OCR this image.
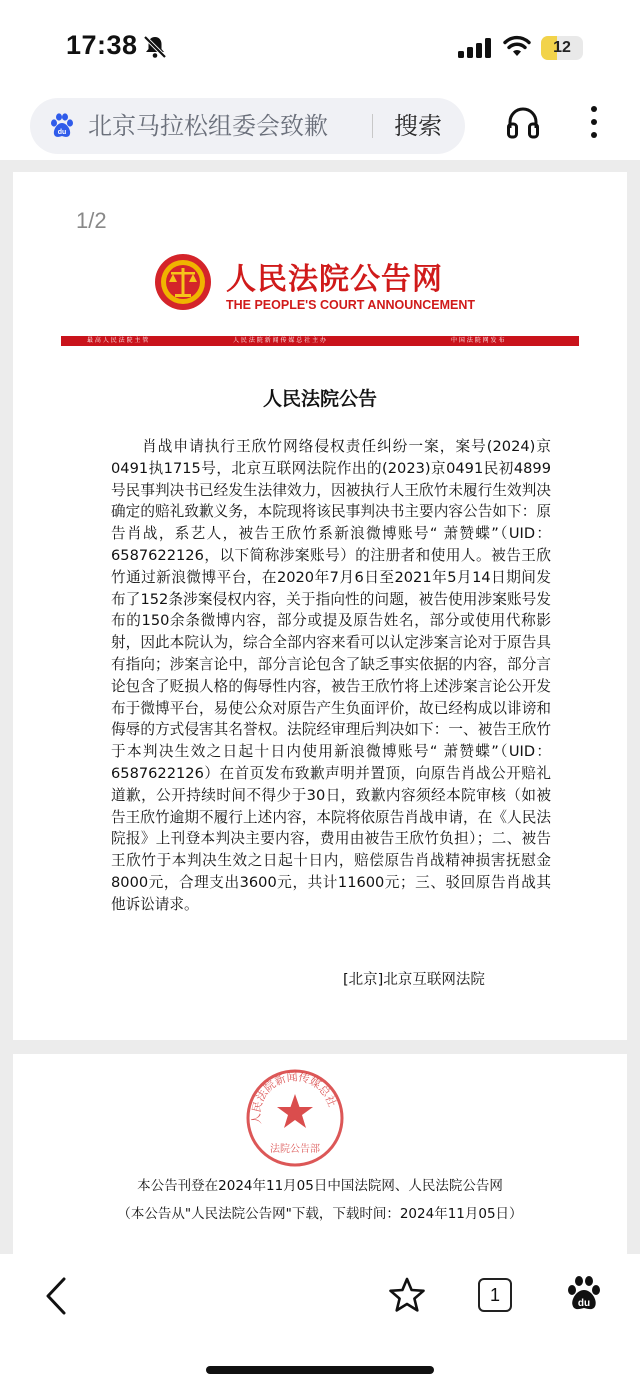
17:38	12
du 北京马拉松组委会致歉	搜索
1/2
人民法院公告网
THE PEOPLE'S COURT ANNOUNCEMENT
最 高 人 民 法 院 主 管	人 民 法 院 新 闻 传 媒 总 社 主 办	中 国 法 院 网 发 布
人民法院公告

肖战申请执行王欣竹网络侵权责任纠纷一案，案号(2024)京0491执1715号，北京互联网法院作出的(2023)京0491民初4899号民事判决书已经发生法律效力，因被执行人王欣竹未履行生效判决确定的赔礼致歉义务，本院现将该民事判决书主要内容公告如下：原告肖战，系艺人，被告王欣竹系新浪微博账号“ 萧赞蝶”（UID：6587622126，以下简称涉案账号）的注册者和使用人。被告王欣竹通过新浪微博平台，在2020年7月6日至2021年5月14日期间发布了152条涉案侵权内容，关于指向性的问题，被告使用涉案账号发布的150余条微博内容，部分或提及原告姓名，部分或使用代称影射，因此本院认为，综合全部内容来看可以认定涉案言论对于原告具有指向；涉案言论中，部分言论包含了缺乏事实依据的内容，部分言论包含了贬损人格的侮辱性内容，被告王欣竹将上述涉案言论公开发布于微博平台，易使公众对原告产生负面评价，故已经构成以诽谤和侮辱的方式侵害其名誉权。法院经审理后判决如下：一、被告王欣竹于本判决生效之日起十日内使用新浪微博账号“ 萧赞蝶”（UID：6587622126）在首页发布致歉声明并置顶，向原告肖战公开赔礼道歉，公开持续时间不得少于30日，致歉内容须经本院审核（如被告王欣竹逾期不履行上述内容，本院将依原告肖战申请，在《人民法院报》上刊登本判决主要内容，费用由被告王欣竹负担）；二、被告王欣竹于本判决生效之日起十日内，赔偿原告肖战精神损害抚慰金8000元，合理支出3600元，共计11600元；三、驳回原告肖战其他诉讼请求。

[北京]北京互联网法院
人民法院新闻传媒总社
法院公告部
本公告刊登在2024年11月05日中国法院网、人民法院公告网
（本公告从"人民法院公告网"下载，下载时间：2024年11月05日）
1	du
